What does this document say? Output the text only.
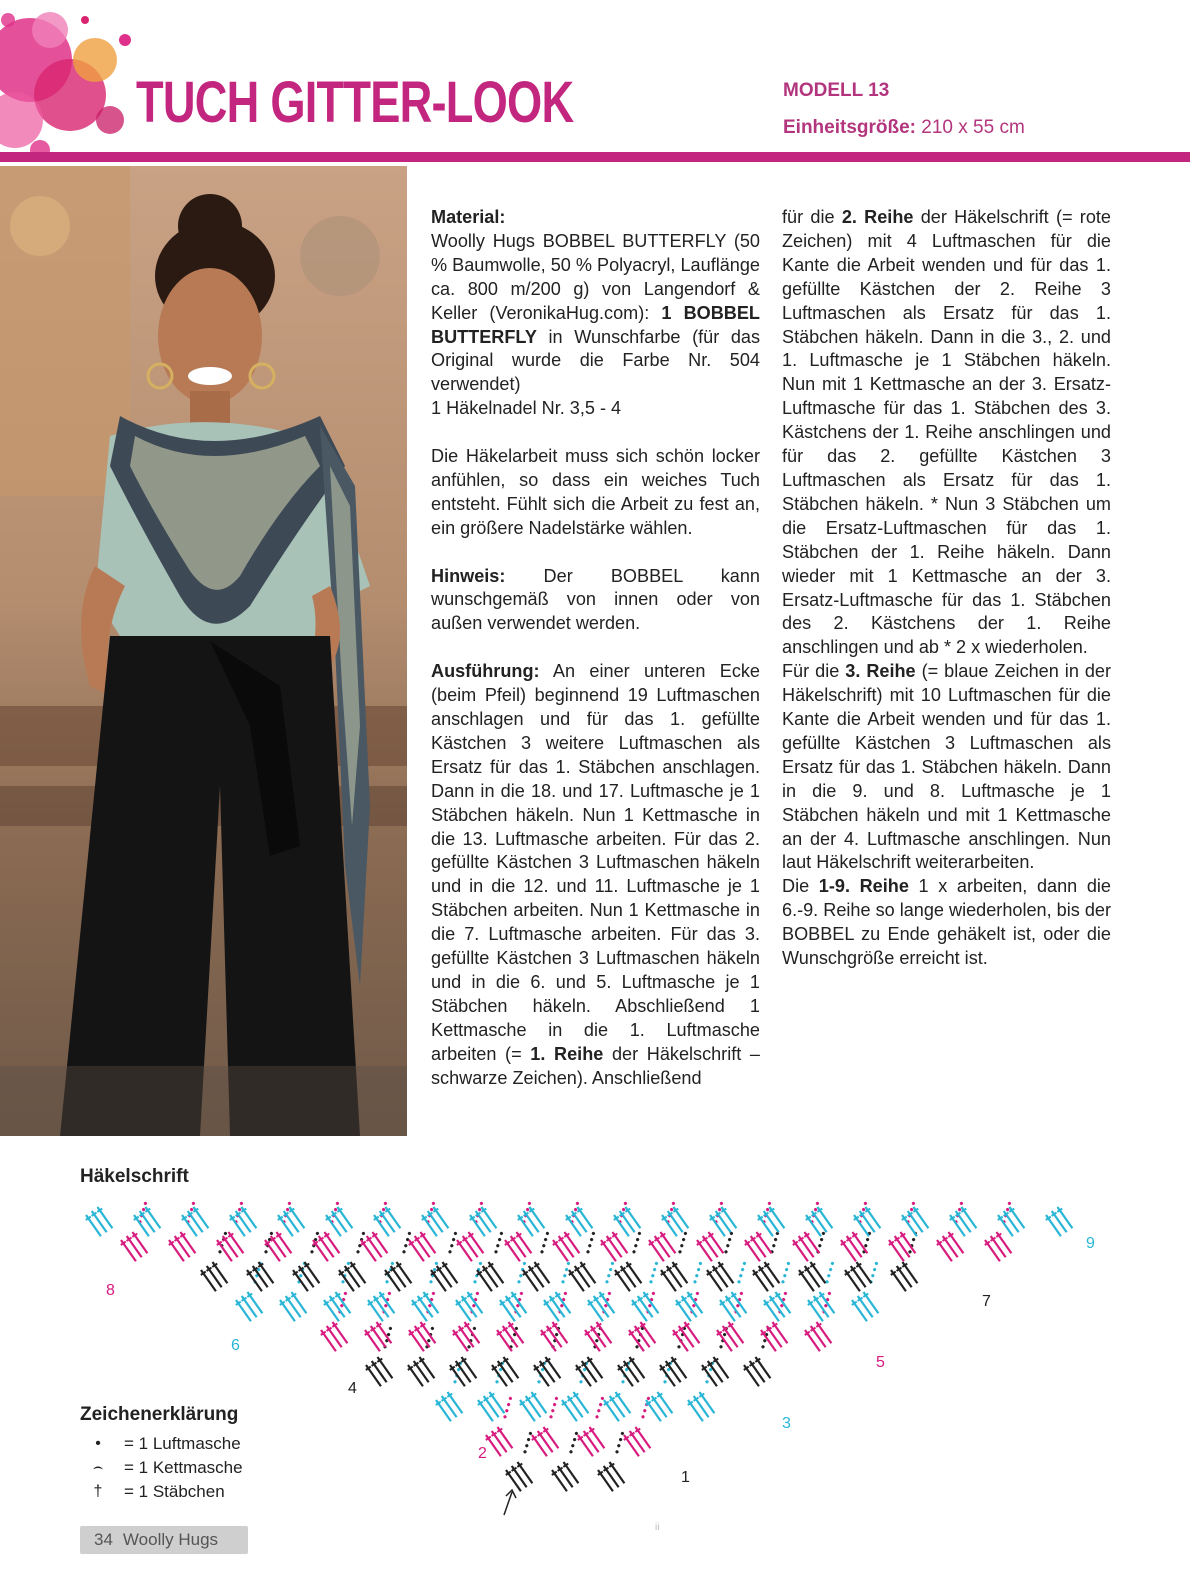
TUCH GITTER-LOOK	MODELL 13
Einheitsgröße: 210 x 55 cm

Material:

Woolly Hugs BOBBEL BUTTERFLY (50 % Baumwolle, 50 % Polyacryl, Lauflänge ca. 800 m/200 g) von Langendorf & Keller (VeronikaHug.com): 1 BOBBEL BUTTERFLY in Wunschfarbe (für das Original wurde die Farbe Nr. 504 verwendet)

1 Häkelnadel Nr. 3,5 - 4

Die Häkelarbeit muss sich schön locker anfühlen, so dass ein weiches Tuch entsteht. Fühlt sich die Arbeit zu fest an, ein größere Nadelstärke wählen.

Hinweis: Der BOBBEL kann wunschgemäß von innen oder von außen verwendet werden.

Ausführung: An einer unteren Ecke (beim Pfeil) beginnend 19 Luftmaschen anschlagen und für das 1. gefüllte Kästchen 3 weitere Luftmaschen als Ersatz für das 1. Stäbchen anschlagen. Dann in die 18. und 17. Luftmasche je 1 Stäbchen häkeln. Nun 1 Kettmasche in die 13. Luftmasche arbeiten. Für das 2. gefüllte Kästchen 3 Luftmaschen häkeln und in die 12. und 11. Luftmasche je 1 Stäbchen arbeiten. Nun 1 Kettmasche in die 7. Luftmasche arbeiten. Für das 3. gefüllte Kästchen 3 Luftmaschen häkeln und in die 6. und 5. Luftmasche je 1 Stäbchen häkeln. Abschließend 1 Kettmasche in die 1. Luftmasche arbeiten (= 1. Reihe der Häkelschrift – schwarze Zeichen). Anschließend

für die 2. Reihe der Häkelschrift (= rote Zeichen) mit 4 Luftmaschen für die Kante die Arbeit wenden und für das 1. gefüllte Kästchen der 2. Reihe 3 Luftmaschen als Ersatz für das 1. Stäbchen häkeln. Dann in die 3., 2. und 1. Luftmasche je 1 Stäbchen häkeln. Nun mit 1 Kettmasche an der 3. Ersatz-Luftmasche für das 1. Stäbchen des 3. Kästchens der 1. Reihe anschlingen und für das 2. gefüllte Kästchen 3 Luftmaschen als Ersatz für das 1. Stäbchen häkeln. * Nun 3 Stäbchen um die Ersatz-Luftmaschen für das 1. Stäbchen der 1. Reihe häkeln. Dann wieder mit 1 Kettmasche an der 3. Ersatz-Luftmasche für das 1. Stäbchen des 2. Kästchens der 1. Reihe anschlingen und ab * 2 x wiederholen.

Für die 3. Reihe (= blaue Zeichen in der Häkelschrift) mit 10 Luftmaschen für die Kante die Arbeit wenden und für das 1. gefüllte Kästchen 3 Luftmaschen als Ersatz für das 1. Stäbchen häkeln. Dann in die 9. und 8. Luftmasche je 1 Stäbchen häkeln und mit 1 Kettmasche an der 4. Luftmasche anschlingen. Nun laut Häkelschrift weiterarbeiten.

Die 1-9. Reihe 1 x arbeiten, dann die 6.-9. Reihe so lange wiederholen, bis der BOBBEL zu Ende gehäkelt ist, oder die Wunschgröße erreicht ist.

Häkelschrift
1
2
3
4
5
6
7
8
9
Zeichenerklärung
•	= 1 Luftmasche
⌢	= 1 Kettmasche
†	= 1 Stäbchen
34 Woolly Hugs
ii
